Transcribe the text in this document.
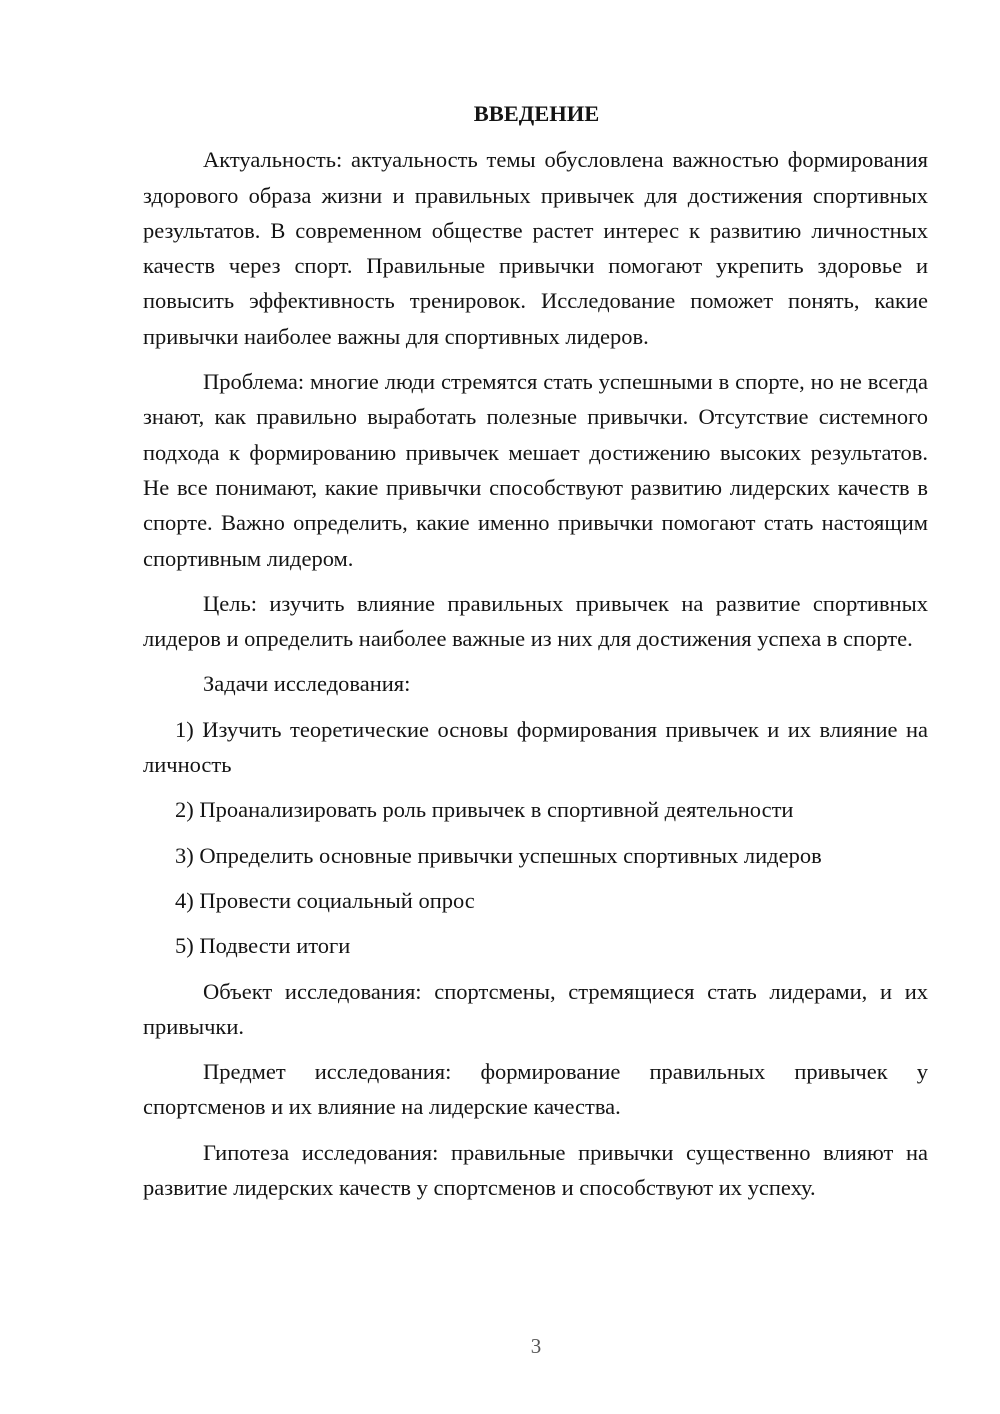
ВВЕДЕНИЕ

Актуальность: актуальность темы обусловлена важностью формирования здорового образа жизни и правильных привычек для достижения спортивных результатов. В современном обществе растет интерес к развитию личностных качеств через спорт. Правильные привычки помогают укрепить здоровье и повысить эффективность тренировок. Исследование поможет понять, какие привычки наиболее важны для спортивных лидеров.

Проблема: многие люди стремятся стать успешными в спорте, но не всегда знают, как правильно выработать полезные привычки. Отсутствие системного подхода к формированию привычек мешает достижению высоких результатов. Не все понимают, какие привычки способствуют развитию лидерских качеств в спорте. Важно определить, какие именно привычки помогают стать настоящим спортивным лидером.

Цель: изучить влияние правильных привычек на развитие спортивных лидеров и определить наиболее важные из них для достижения успеха в спорте.

Задачи исследования:

1) Изучить теоретические основы формирования привычек и их влияние на личность

2) Проанализировать роль привычек в спортивной деятельности

3) Определить основные привычки успешных спортивных лидеров

4) Провести социальный опрос

5) Подвести итоги

Объект исследования: спортсмены, стремящиеся стать лидерами, и их привычки.

Предмет исследования: формирование правильных привычек у спортсменов и их влияние на лидерские качества.

Гипотеза исследования: правильные привычки существенно влияют на развитие лидерских качеств у спортсменов и способствуют их успеху.

3
